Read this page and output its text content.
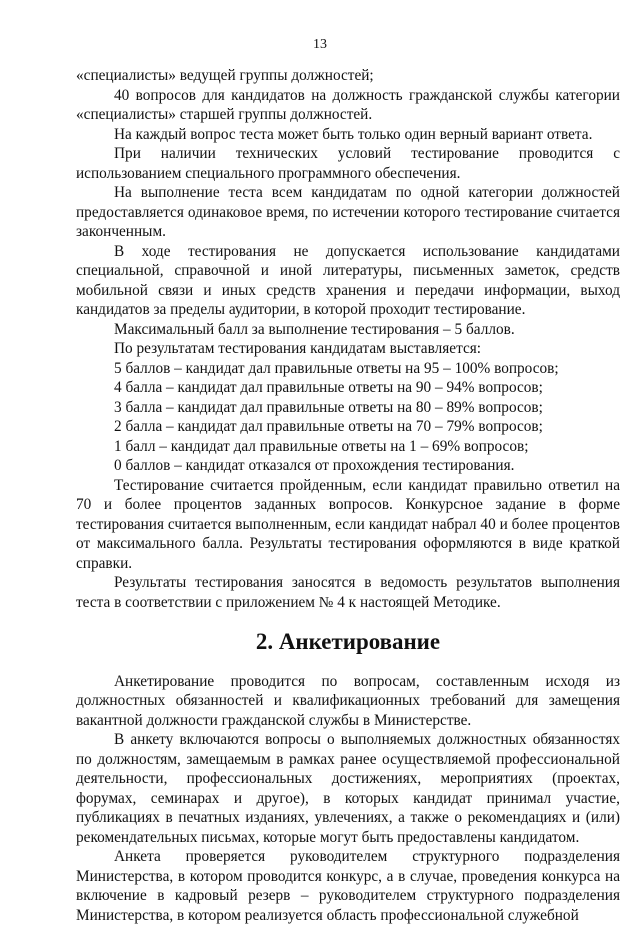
13

«специалисты» ведущей группы должностей;

40 вопросов для кандидатов на должность гражданской службы категории «специалисты» старшей группы должностей.

На каждый вопрос теста может быть только один верный вариант ответа.

При наличии технических условий тестирование проводится с использованием специального программного обеспечения.

На выполнение теста всем кандидатам по одной категории должностей предоставляется одинаковое время, по истечении которого тестирование считается законченным.

В ходе тестирования не допускается использование кандидатами специальной, справочной и иной литературы, письменных заметок, средств мобильной связи и иных средств хранения и передачи информации, выход кандидатов за пределы аудитории, в которой проходит тестирование.

Максимальный балл за выполнение тестирования – 5 баллов.

По результатам тестирования кандидатам выставляется:

5 баллов – кандидат дал правильные ответы на 95 – 100% вопросов;

4 балла – кандидат дал правильные ответы на 90 – 94% вопросов;

3 балла – кандидат дал правильные ответы на 80 – 89% вопросов;

2 балла – кандидат дал правильные ответы на 70 – 79% вопросов;

1 балл – кандидат дал правильные ответы на 1 – 69% вопросов;

0 баллов – кандидат отказался от прохождения тестирования.

Тестирование считается пройденным, если кандидат правильно ответил на 70 и более процентов заданных вопросов. Конкурсное задание в форме тестирования считается выполненным, если кандидат набрал 40 и более процентов от максимального балла. Результаты тестирования оформляются в виде краткой справки.

Результаты тестирования заносятся в ведомость результатов выполнения теста в соответствии с приложением № 4 к настоящей Методике.

2. Анкетирование

Анкетирование проводится по вопросам, составленным исходя из должностных обязанностей и квалификационных требований для замещения вакантной должности гражданской службы в Министерстве.

В анкету включаются вопросы о выполняемых должностных обязанностях по должностям, замещаемым в рамках ранее осуществляемой профессиональной деятельности, профессиональных достижениях, мероприятиях (проектах, форумах, семинарах и другое), в которых кандидат принимал участие, публикациях в печатных изданиях, увлечениях, а также о рекомендациях и (или) рекомендательных письмах, которые могут быть предоставлены кандидатом.

Анкета проверяется руководителем структурного подразделения Министерства, в котором проводится конкурс, а в случае, проведения конкурса на включение в кадровый резерв – руководителем структурного подразделения Министерства, в котором реализуется область профессиональной служебной
